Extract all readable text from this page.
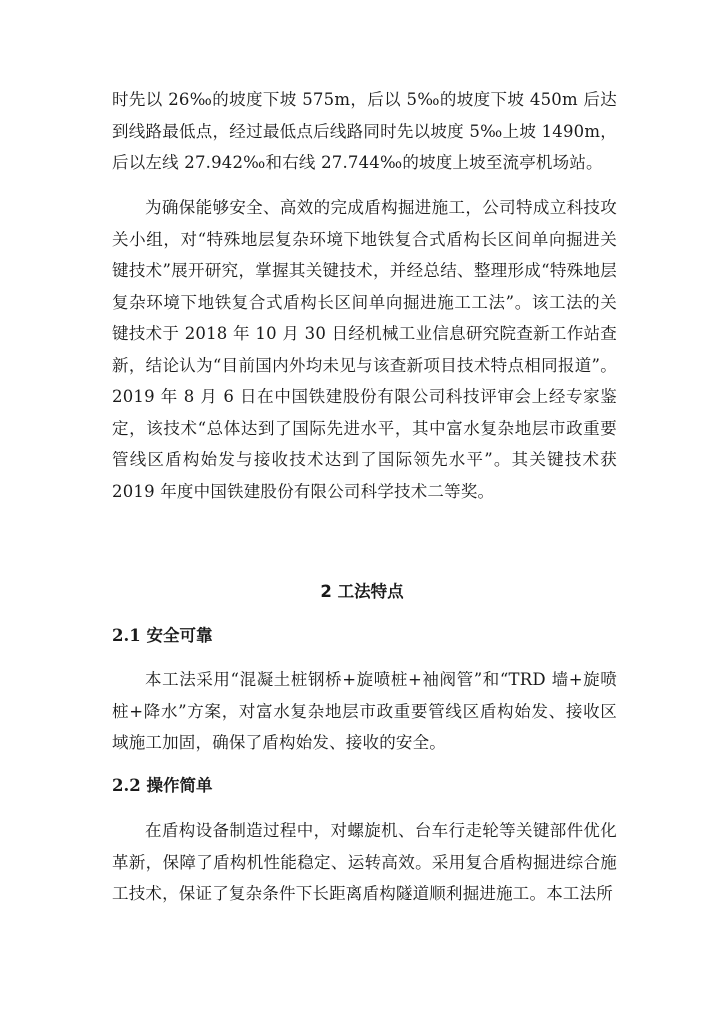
时先以 26‰的坡度下坡 575m，后以 5‰的坡度下坡 450m 后达到线路最低点，经过最低点后线路同时先以坡度 5‰上坡 1490m，后以左线 27.942‰和右线 27.744‰的坡度上坡至流亭机场站。

为确保能够安全、高效的完成盾构掘进施工，公司特成立科技攻关小组，对“特殊地层复杂环境下地铁复合式盾构长区间单向掘进关键技术”展开研究，掌握其关键技术，并经总结、整理形成“特殊地层复杂环境下地铁复合式盾构长区间单向掘进施工工法”。该工法的关键技术于 2018 年 10 月 30 日经机械工业信息研究院查新工作站查新，结论认为“目前国内外均未见与该查新项目技术特点相同报道”。2019 年 8 月 6 日在中国铁建股份有限公司科技评审会上经专家鉴定，该技术“总体达到了国际先进水平，其中富水复杂地层市政重要管线区盾构始发与接收技术达到了国际领先水平”。其关键技术获 2019 年度中国铁建股份有限公司科学技术二等奖。

2 工法特点
2.1 安全可靠

本工法采用“混凝土桩钢桥+旋喷桩+袖阀管”和“TRD 墙+旋喷桩+降水”方案，对富水复杂地层市政重要管线区盾构始发、接收区域施工加固，确保了盾构始发、接收的安全。

2.2 操作简单

在盾构设备制造过程中，对螺旋机、台车行走轮等关键部件优化革新，保障了盾构机性能稳定、运转高效。采用复合盾构掘进综合施工技术，保证了复杂条件下长距离盾构隧道顺利掘进施工。本工法所
